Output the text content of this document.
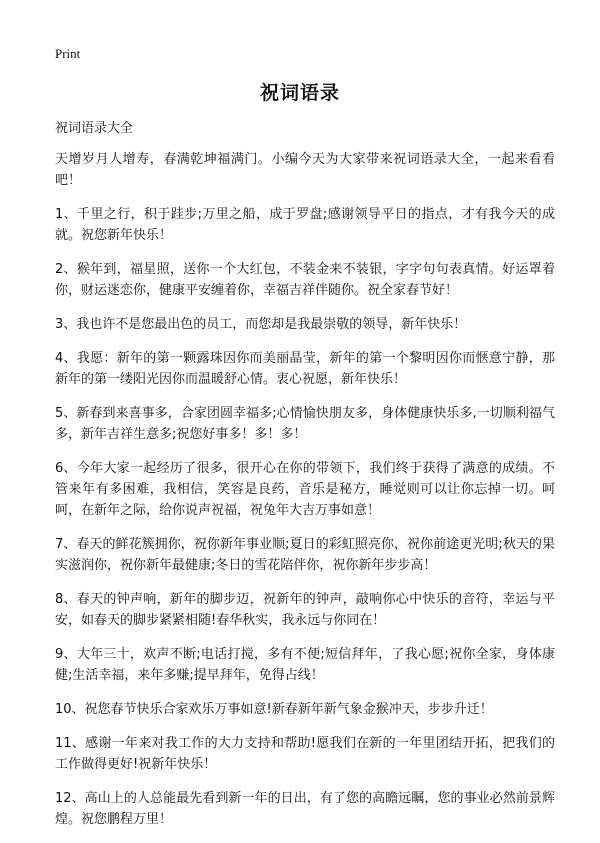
Print
祝词语录

祝词语录大全

天增岁月人增寿，春满乾坤福满门。小编今天为大家带来祝词语录大全，一起来看看吧！

1、千里之行，积于跬步;万里之船，成于罗盘;感谢领导平日的指点，才有我今天的成就。祝您新年快乐！

2、猴年到，福星照，送你一个大红包，不装金来不装银，字字句句表真情。好运罩着你，财运迷恋你，健康平安缠着你，幸福吉祥伴随你。祝全家春节好！

3、我也许不是您最出色的员工，而您却是我最崇敬的领导，新年快乐！

4、我愿：新年的第一颗露珠因你而美丽晶莹，新年的第一个黎明因你而惬意宁静，那新年的第一缕阳光因你而温暖舒心情。衷心祝愿，新年快乐！

5、新春到来喜事多，合家团圆幸福多;心情愉快朋友多，身体健康快乐多,一切顺利福气多，新年吉祥生意多;祝您好事多！多！多！

6、今年大家一起经历了很多，很开心在你的带领下，我们终于获得了满意的成绩。不管来年有多困难，我相信，笑容是良药，音乐是秘方，睡觉则可以让你忘掉一切。呵呵，在新年之际，给你说声祝福，祝兔年大吉万事如意！

7、春天的鲜花簇拥你，祝你新年事业顺;夏日的彩虹照亮你，祝你前途更光明;秋天的果实滋润你，祝你新年最健康;冬日的雪花陪伴你，祝你新年步步高！

8、春天的钟声响，新年的脚步迈，祝新年的钟声，敲响你心中快乐的音符，幸运与平安，如春天的脚步紧紧相随!春华秋实，我永远与你同在！

9、大年三十，欢声不断;电话打搅，多有不便;短信拜年，了我心愿;祝你全家，身体康健;生活幸福，来年多赚;提早拜年，免得占线！

10、祝您春节快乐合家欢乐万事如意!新春新年新气象金猴冲天，步步升迁！

11、感谢一年来对我工作的大力支持和帮助!愿我们在新的一年里团结开拓，把我们的工作做得更好!祝新年快乐！

12、高山上的人总能最先看到新一年的日出，有了您的高瞻远瞩，您的事业必然前景辉煌。祝您鹏程万里！
